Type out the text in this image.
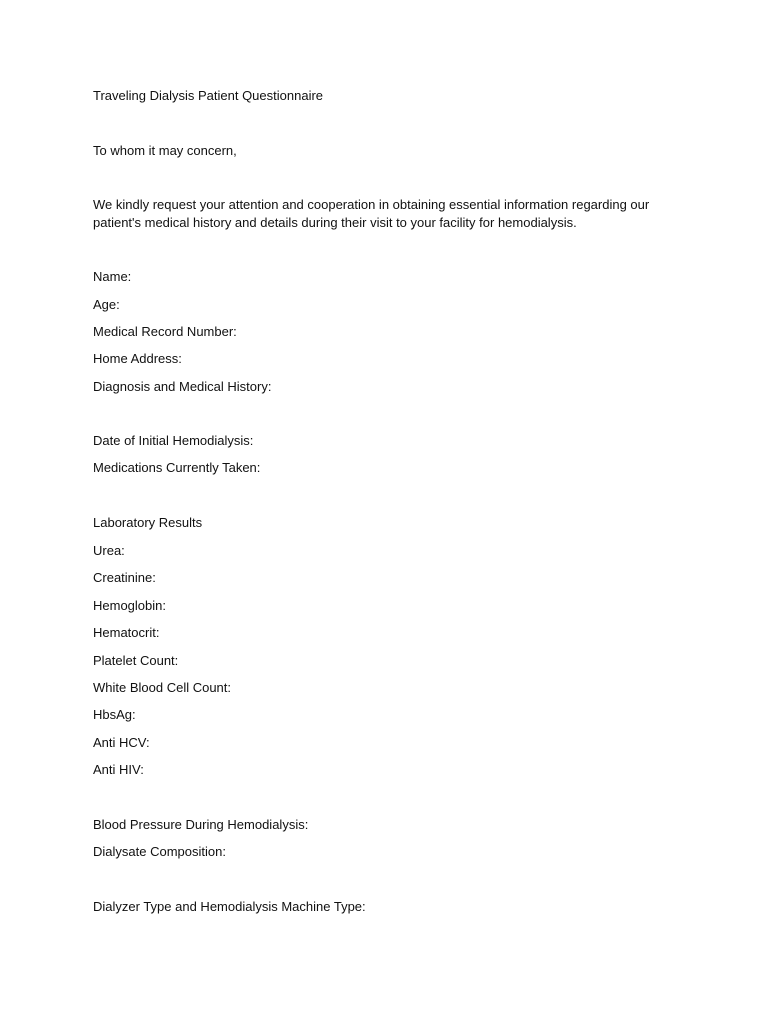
Traveling Dialysis Patient Questionnaire
To whom it may concern,
We kindly request your attention and cooperation in obtaining essential information regarding our patient's medical history and details during their visit to your facility for hemodialysis.
Name:
Age:
Medical Record Number:
Home Address:
Diagnosis and Medical History:
Date of Initial Hemodialysis:
Medications Currently Taken:
Laboratory Results
Urea:
Creatinine:
Hemoglobin:
Hematocrit:
Platelet Count:
White Blood Cell Count:
HbsAg:
Anti HCV:
Anti HIV:
Blood Pressure During Hemodialysis:
Dialysate Composition:
Dialyzer Type and Hemodialysis Machine Type:
